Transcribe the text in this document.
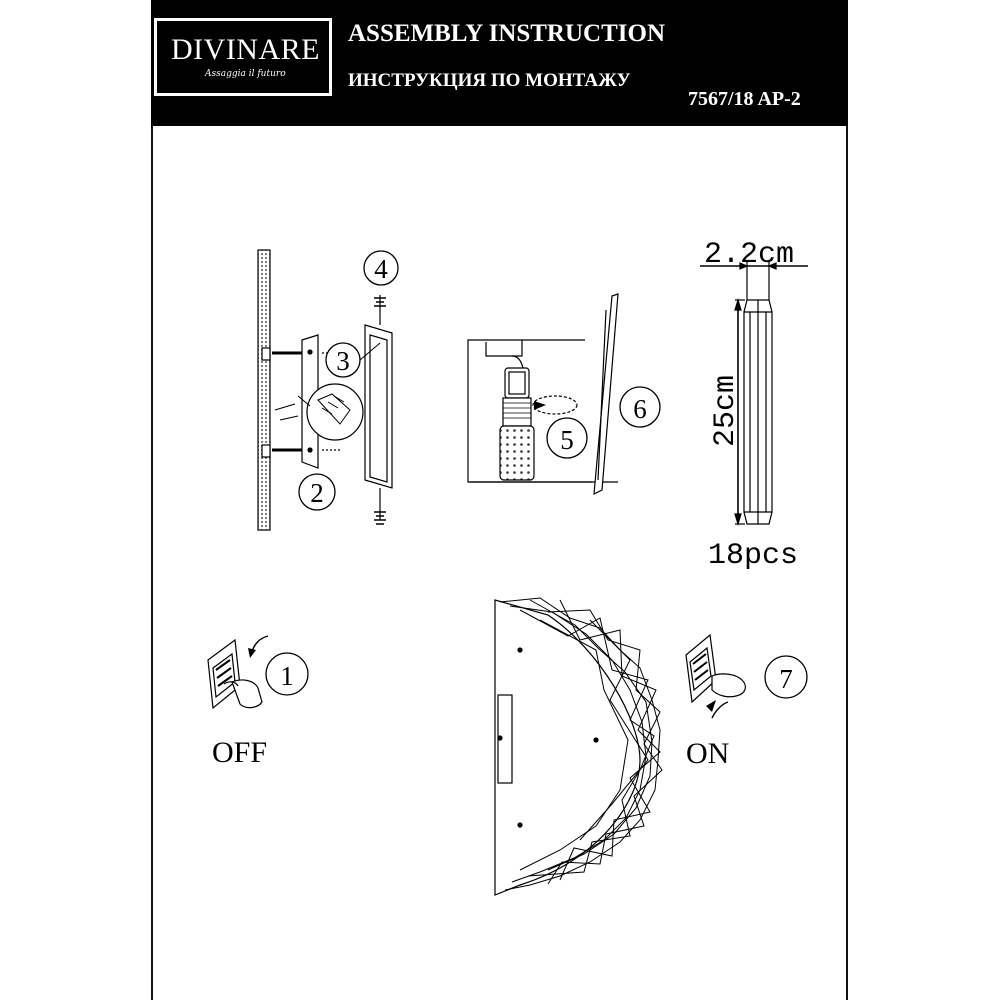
DIVINARE
Assaggia il futuro
ASSEMBLY INSTRUCTION
ИНСТРУКЦИЯ ПО МОНТАЖУ
7567/18 AP-2
4
3
2
5
6
1	7
2.2cm
25cm
18pcs
OFF	ON
